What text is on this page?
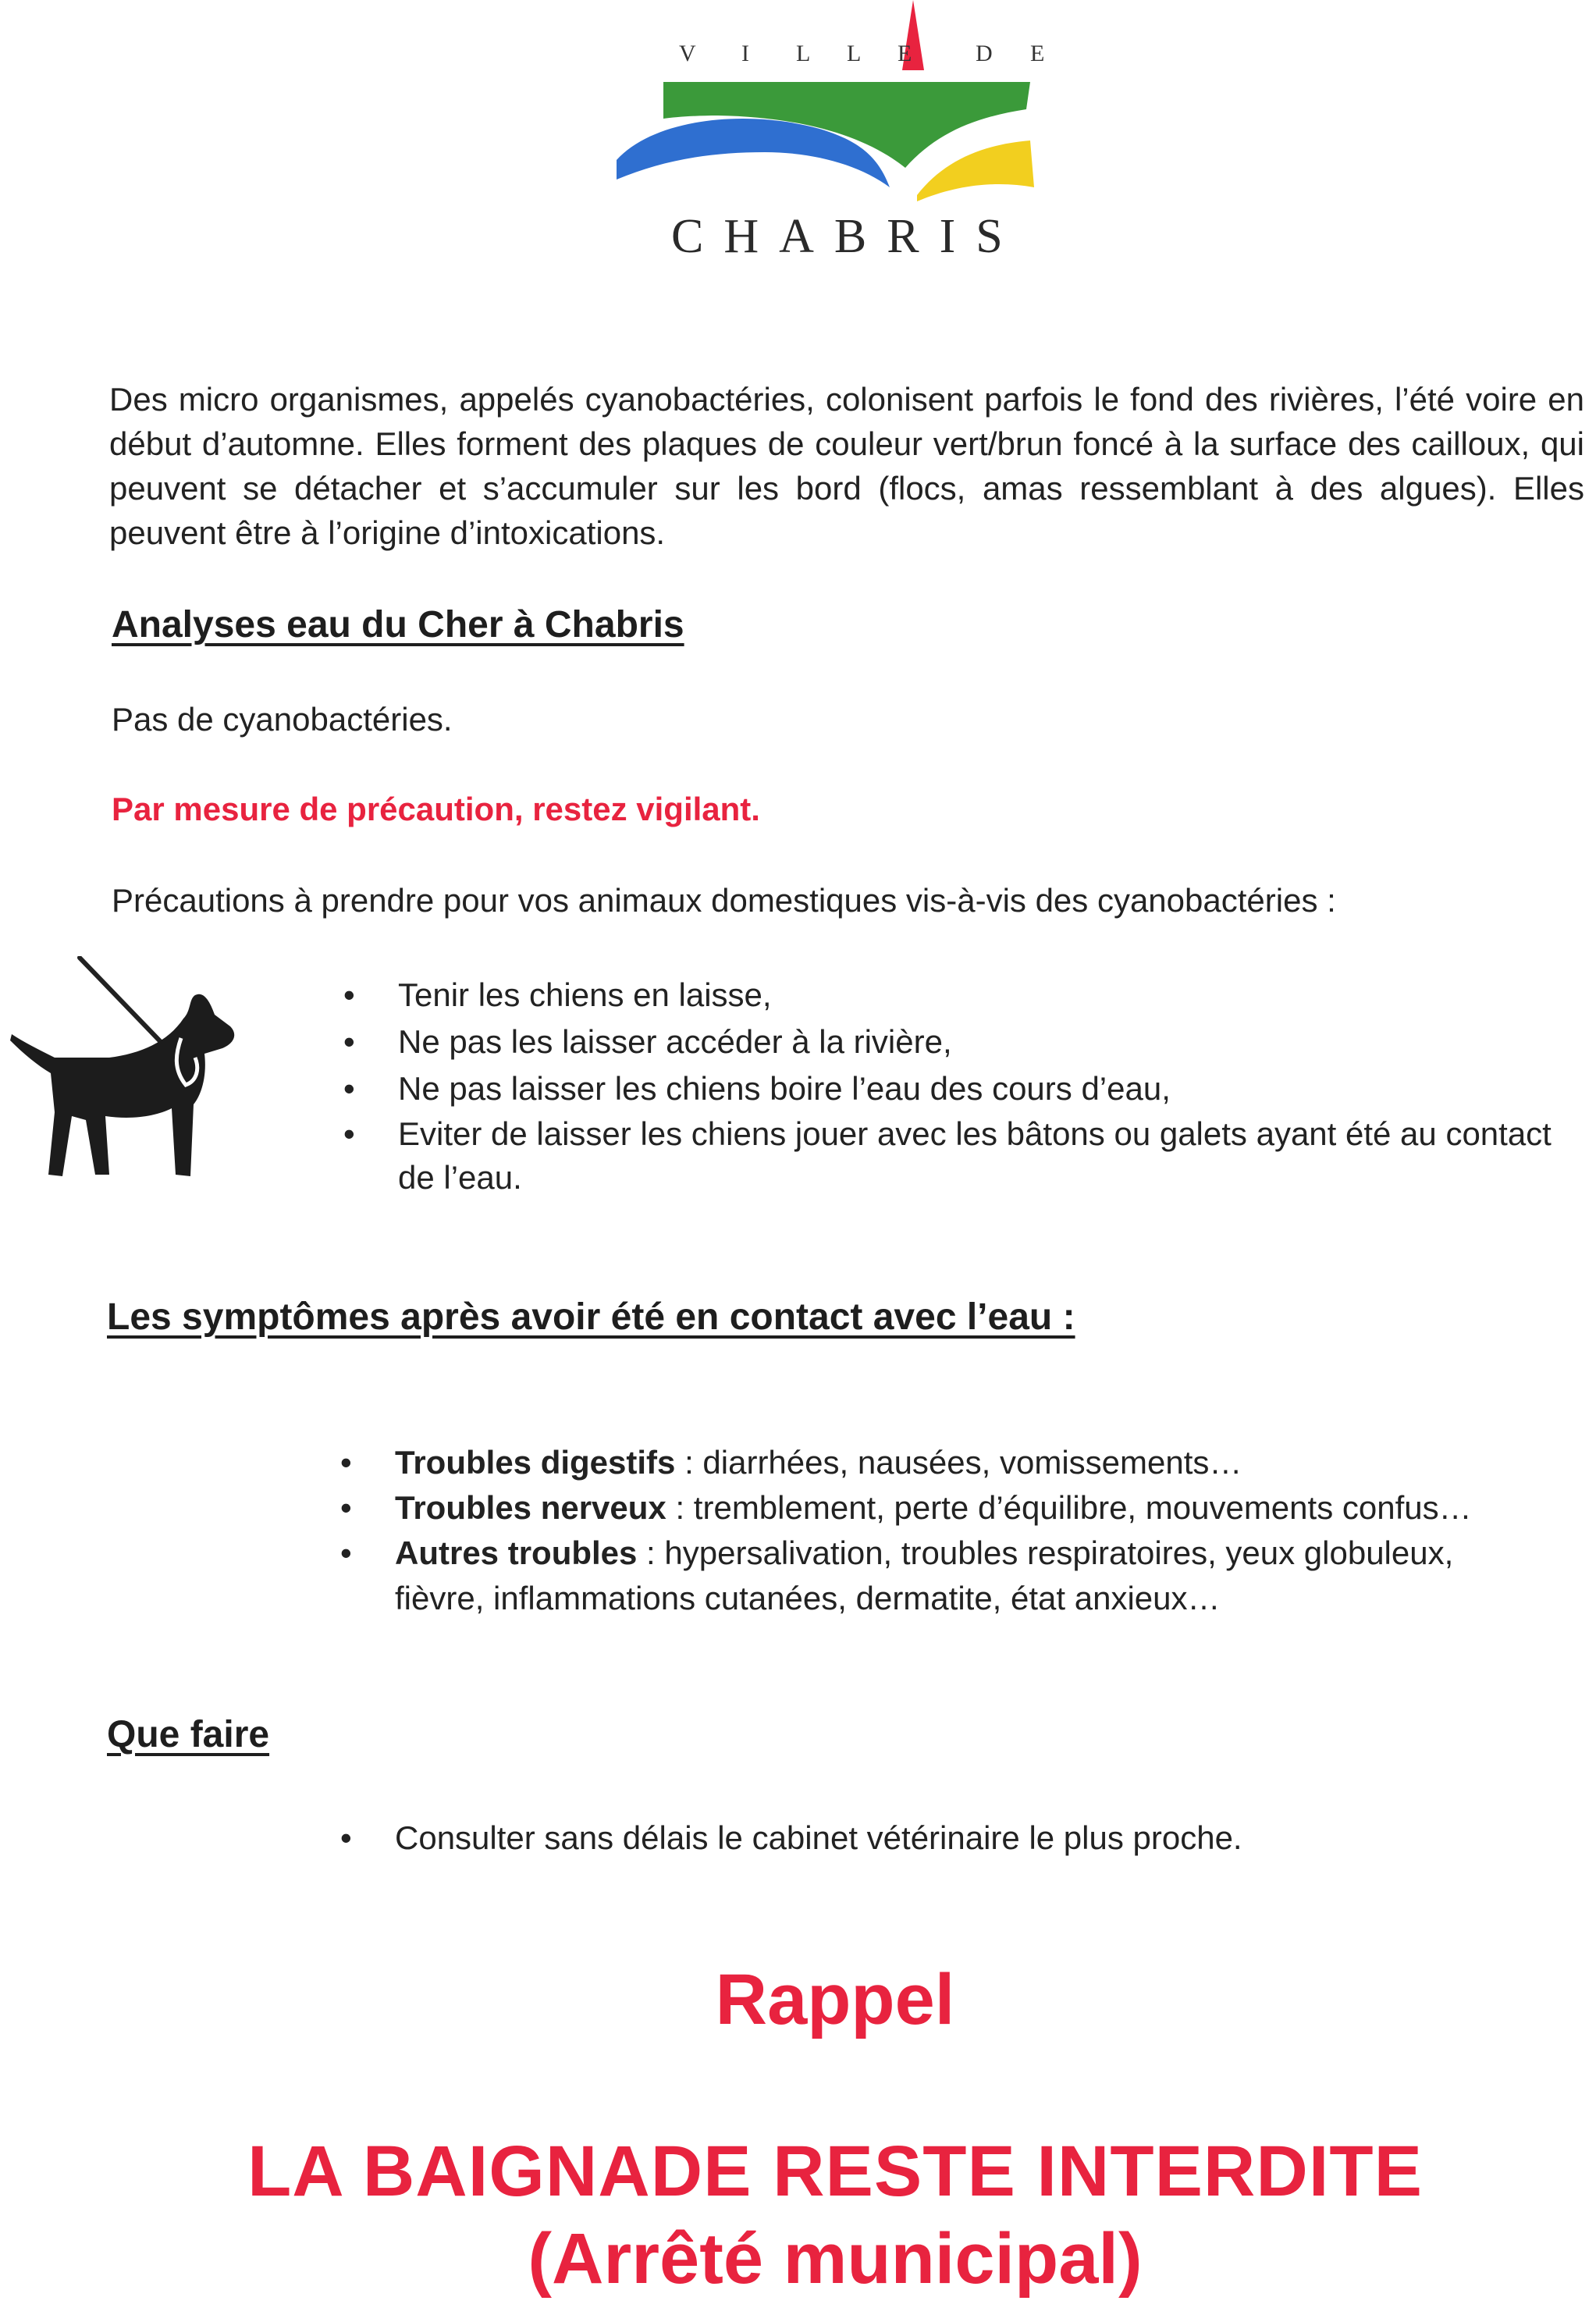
V I L L E	D E
CHABRIS
Des micro organismes, appelés cyanobactéries, colonisent parfois le fond des rivières, l’été voire en début d’automne. Elles forment des plaques de couleur vert/brun foncé à la surface des cailloux, qui peuvent se détacher et s’accumuler sur les bord (flocs, amas ressemblant à des algues). Elles peuvent être à l’origine d’intoxications.
Analyses eau du Cher à Chabris
Pas de cyanobactéries.
Par mesure de précaution, restez vigilant.
Précautions à prendre pour vos animaux domestiques vis-à-vis des cyanobactéries :
• Tenir les chiens en laisse,
• Ne pas les laisser accéder à la rivière,
• Ne pas laisser les chiens boire l’eau des cours d’eau,
• Eviter de laisser les chiens jouer avec les bâtons ou galets ayant été au contact de l’eau.
Les symptômes après avoir été en contact avec l’eau :
• Troubles digestifs : diarrhées, nausées, vomissements…
• Troubles nerveux : tremblement, perte d’équilibre, mouvements confus…
• Autres troubles : hypersalivation, troubles respiratoires, yeux globuleux, fièvre, inflammations cutanées, dermatite, état anxieux…
Que faire
• Consulter sans délais le cabinet vétérinaire le plus proche.
Rappel
LA BAIGNADE RESTE INTERDITE
(Arrêté municipal)
